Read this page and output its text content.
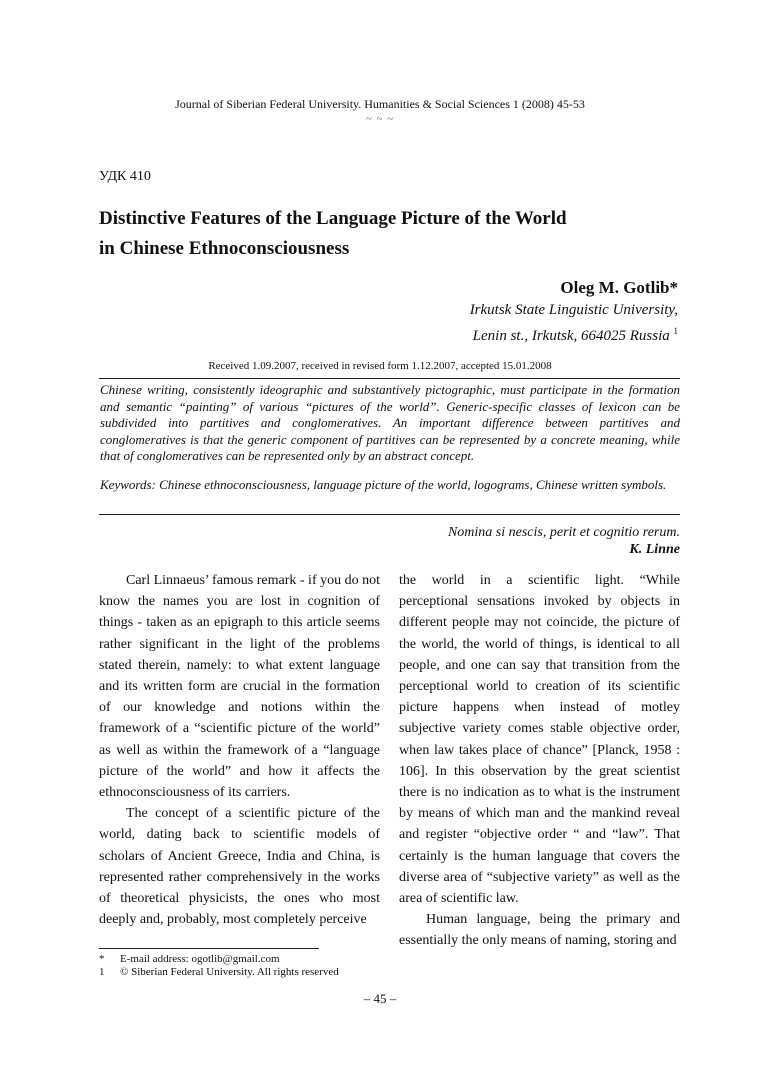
Journal of Siberian Federal University. Humanities & Social Sciences 1 (2008) 45-53
~ ~ ~
УДК 410
Distinctive Features of the Language Picture of the World
in Chinese Ethnoconsciousness
Oleg M. Gotlib*
Irkutsk State Linguistic University,
Lenin st., Irkutsk, 664025 Russia $^1$
Received 1.09.2007, received in revised form 1.12.2007, accepted 15.01.2008
Chinese writing, consistently ideographic and substantively pictographic, must participate in the formation and semantic “painting” of various “pictures of the world”. Generic-specific classes of lexicon can be subdivided into partitives and conglomeratives. An important difference between partitives and conglomeratives is that the generic component of partitives can be represented by a concrete meaning, while that of conglomeratives can be represented only by an abstract concept.
Keywords: Chinese ethnoconsciousness, language picture of the world, logograms, Chinese written symbols.
Nomina si nescis, perit et cognitio rerum.
K. Linne

Carl Linnaeus’ famous remark - if you do not know the names you are lost in cognition of things - taken as an epigraph to this article seems rather significant in the light of the problems stated therein, namely: to what extent language and its written form are crucial in the formation of our knowledge and notions within the framework of a “scientific picture of the world” as well as within the framework of a “language picture of the world” and how it affects the ethnoconsciousness of its carriers.

The concept of a scientific picture of the world, dating back to scientific models of scholars of Ancient Greece, India and China, is represented rather comprehensively in the works of theoretical physicists, the ones who most deeply and, probably, most completely perceive

the world in a scientific light. “While perceptional sensations invoked by objects in different people may not coincide, the picture of the world, the world of things, is identical to all people, and one can say that transition from the perceptional world to creation of its scientific picture happens when instead of motley subjective variety comes stable objective order, when law takes place of chance” [Planck, 1958 : 106]. In this observation by the great scientist there is no indication as to what is the instrument by means of which man and the mankind reveal and register “objective order “ and “law”. That certainly is the human language that covers the diverse area of “subjective variety” as well as the area of scientific law.

Human language, being the primary and essentially the only means of naming, storing and

* E-mail address: ogotlib@gmail.com
1 © Siberian Federal University. All rights reserved
– 45 –
